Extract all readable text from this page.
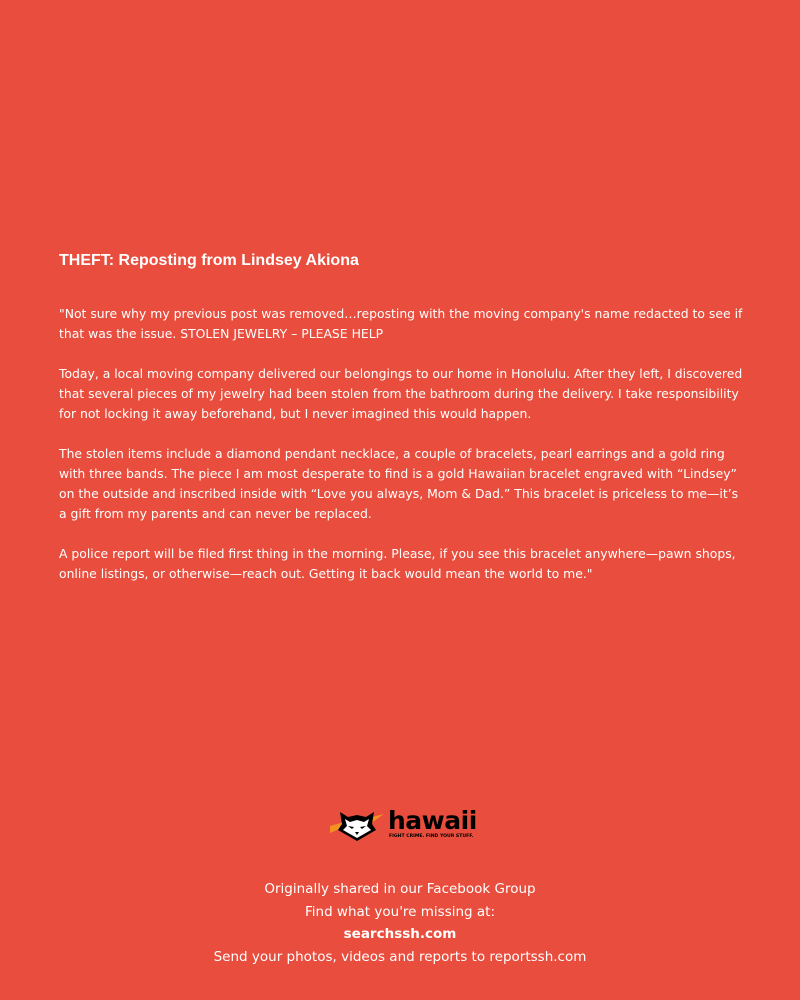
THEFT: Reposting from Lindsey Akiona

"Not sure why my previous post was removed…reposting with the moving company's name redacted to see if that was the issue. STOLEN JEWELRY – PLEASE HELP

Today, a local moving company delivered our belongings to our home in Honolulu. After they left, I discovered that several pieces of my jewelry had been stolen from the bathroom during the delivery. I take responsibility for not locking it away beforehand, but I never imagined this would happen.

The stolen items include a diamond pendant necklace, a couple of bracelets, pearl earrings and a gold ring with three bands. The piece I am most desperate to find is a gold Hawaiian bracelet engraved with “Lindsey” on the outside and inscribed inside with “Love you always, Mom & Dad.” This bracelet is priceless to me—it’s a gift from my parents and can never be replaced.

A police report will be filed first thing in the morning. Please, if you see this bracelet anywhere—pawn shops, online listings, or otherwise—reach out. Getting it back would mean the world to me."

hawaii
FIGHT CRIME. FIND YOUR STUFF.
Originally shared in our Facebook Group
Find what you're missing at:
searchssh.com
Send your photos, videos and reports to reportssh.com
